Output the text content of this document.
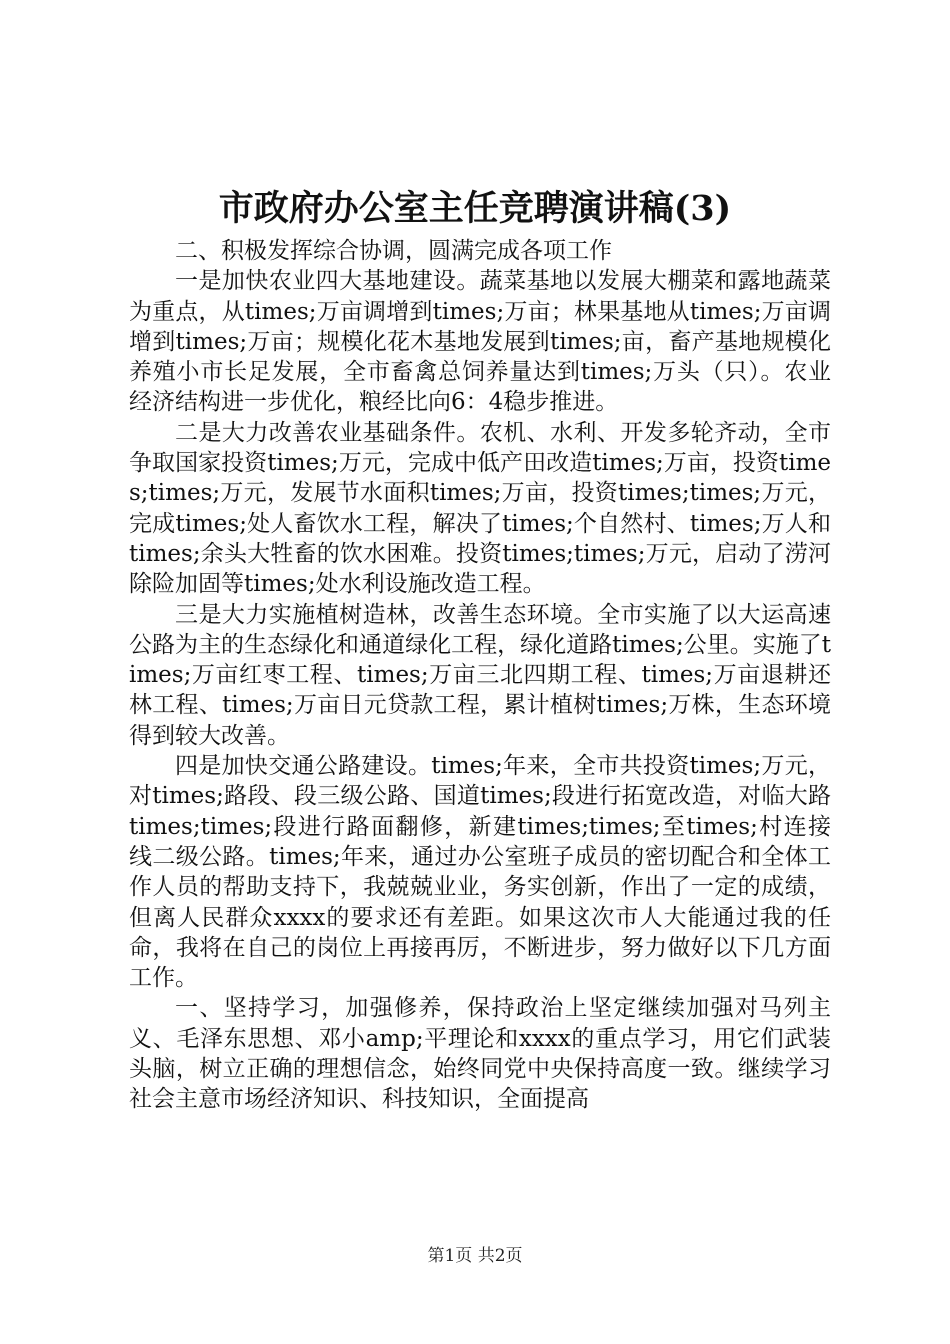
市政府办公室主任竞聘演讲稿(3)

二、积极发挥综合协调，圆满完成各项工作

一是加快农业四大基地建设。蔬菜基地以发展大棚菜和露地蔬菜为重点，从times;万亩调增到times;万亩；林果基地从times;万亩调增到times;万亩；规模化花木基地发展到times;亩，畜产基地规模化养殖小市长足发展，全市畜禽总饲养量达到times;万头（只）。农业经济结构进一步优化，粮经比向6：4稳步推进。

二是大力改善农业基础条件。农机、水利、开发多轮齐动，全市争取国家投资times;万元，完成中低产田改造times;万亩，投资times;times;万元，发展节水面积times;万亩，投资times;times;万元，完成times;处人畜饮水工程，解决了times;个自然村、times;万人和times;余头大牲畜的饮水困难。投资times;times;万元，启动了涝河除险加固等times;处水利设施改造工程。

三是大力实施植树造林，改善生态环境。全市实施了以大运高速公路为主的生态绿化和通道绿化工程，绿化道路times;公里。实施了times;万亩红枣工程、times;万亩三北四期工程、times;万亩退耕还林工程、times;万亩日元贷款工程，累计植树times;万株，生态环境得到较大改善。

四是加快交通公路建设。times;年来，全市共投资times;万元，对times;路段、段三级公路、国道times;段进行拓宽改造，对临大路times;times;段进行路面翻修，新建times;times;至times;村连接线二级公路。times;年来，通过办公室班子成员的密切配合和全体工作人员的帮助支持下，我兢兢业业，务实创新，作出了一定的成绩，但离人民群众xxxx的要求还有差距。如果这次市人大能通过我的任命，我将在自己的岗位上再接再厉，不断进步，努力做好以下几方面工作。

一、坚持学习，加强修养，保持政治上坚定继续加强对马列主义、毛泽东思想、邓小amp;平理论和xxxx的重点学习，用它们武装头脑，树立正确的理想信念，始终同党中央保持高度一致。继续学习社会主意市场经济知识、科技知识，全面提高

第1页 共2页
